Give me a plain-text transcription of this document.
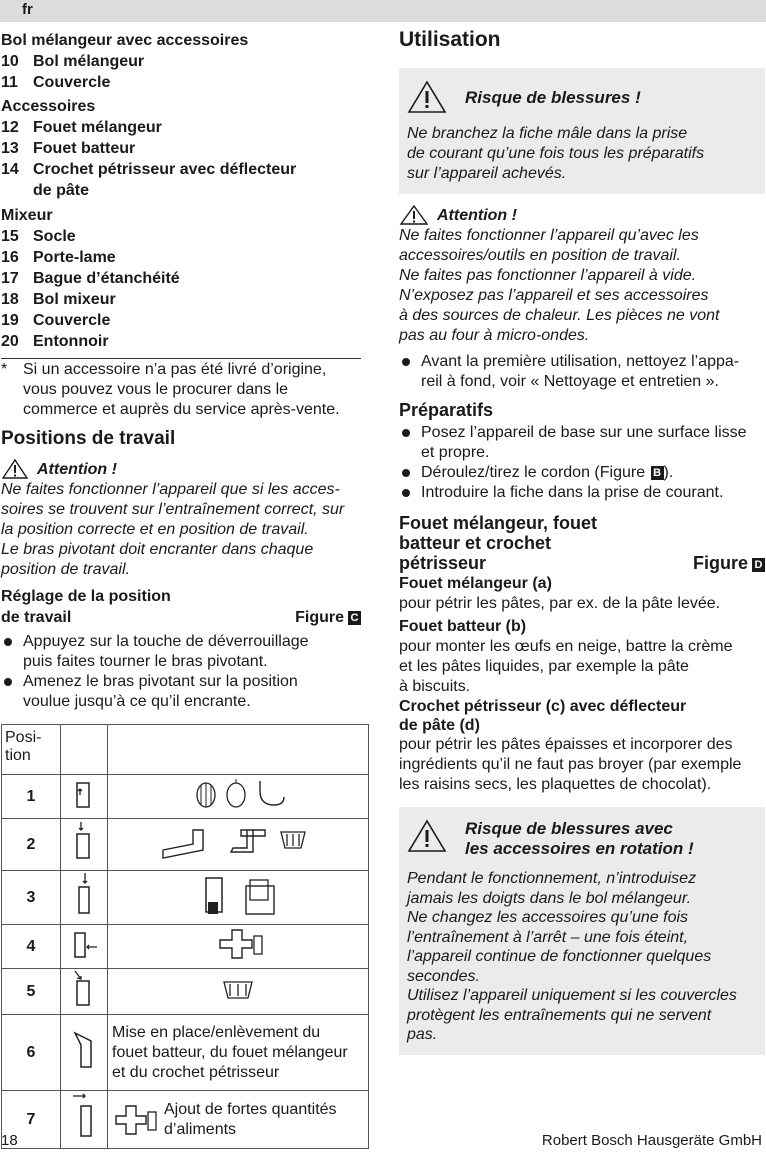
fr
Bol mélangeur avec accessoires
10 Bol mélangeur
11 Couvercle
Accessoires
12 Fouet mélangeur
13 Fouet batteur
14 Crochet pétrisseur avec déflecteur
de pâte
Mixeur
15 Socle
16 Porte-lame
17 Bague d’étanchéité
18 Bol mixeur
19 Couvercle
20 Entonnoir
* Si un accessoire n’a pas été livré d’origine,
vous pouvez vous le procurer dans le
commerce et auprès du service après-vente.
Positions de travail
Attention !

Ne faites fonctionner l’appareil que si les acces-
soires se trouvent sur l’entraînement correct, sur
la position correcte et en position de travail.
Le bras pivotant doit encranter dans chaque
position de travail.

Réglage de la position
de travail	Figure C
Appuyez sur la touche de déverrouillage
puis faites tourner le bras pivotant.
Amenez le bras pivotant sur la position
voulue jusqu’à ce qu’il encrante.
Posi-
tion		
1		
2		
3		
4		
5		
6		Mise en place/enlèvement du
fouet batteur, du fouet mélangeur
et du crochet pétrisseur
7		Ajout de fortes quantités
d’aliments
Utilisation
Risque de blessures !

Ne branchez la fiche mâle dans la prise
de courant qu’une fois tous les préparatifs
sur l’appareil achevés.

Attention !

Ne faites fonctionner l’appareil qu’avec les
accessoires/outils en position de travail.
Ne faites pas fonctionner l’appareil à vide.
N’exposez pas l’appareil et ses accessoires
à des sources de chaleur. Les pièces ne vont
pas au four à micro-ondes.

Avant la première utilisation, nettoyez l’appa-
reil à fond, voir « Nettoyage et entretien ».
Préparatifs
Posez l’appareil de base sur une surface lisse
et propre.
Déroulez/tirez le cordon (Figure B ).
Introduire la fiche dans la prise de courant.
Fouet mélangeur, fouet
batteur et crochet
pétrisseur	Figure D
Fouet mélangeur (a)

pour pétrir les pâtes, par ex. de la pâte levée.

Fouet batteur (b)

pour monter les œufs en neige, battre la crème
et les pâtes liquides, par exemple la pâte
à biscuits.

Crochet pétrisseur (c) avec déflecteur
de pâte (d)

pour pétrir les pâtes épaisses et incorporer des
ingrédients qu’il ne faut pas broyer (par exemple
les raisins secs, les plaquettes de chocolat).

Risque de blessures avec
les accessoires en rotation !

Pendant le fonctionnement, n’introduisez
jamais les doigts dans le bol mélangeur.
Ne changez les accessoires qu’une fois
l’entraînement à l’arrêt – une fois éteint,
l’appareil continue de fonctionner quelques
secondes.
Utilisez l’appareil uniquement si les couvercles
protègent les entraînements qui ne servent
pas.

18	Robert Bosch Hausgeräte GmbH
